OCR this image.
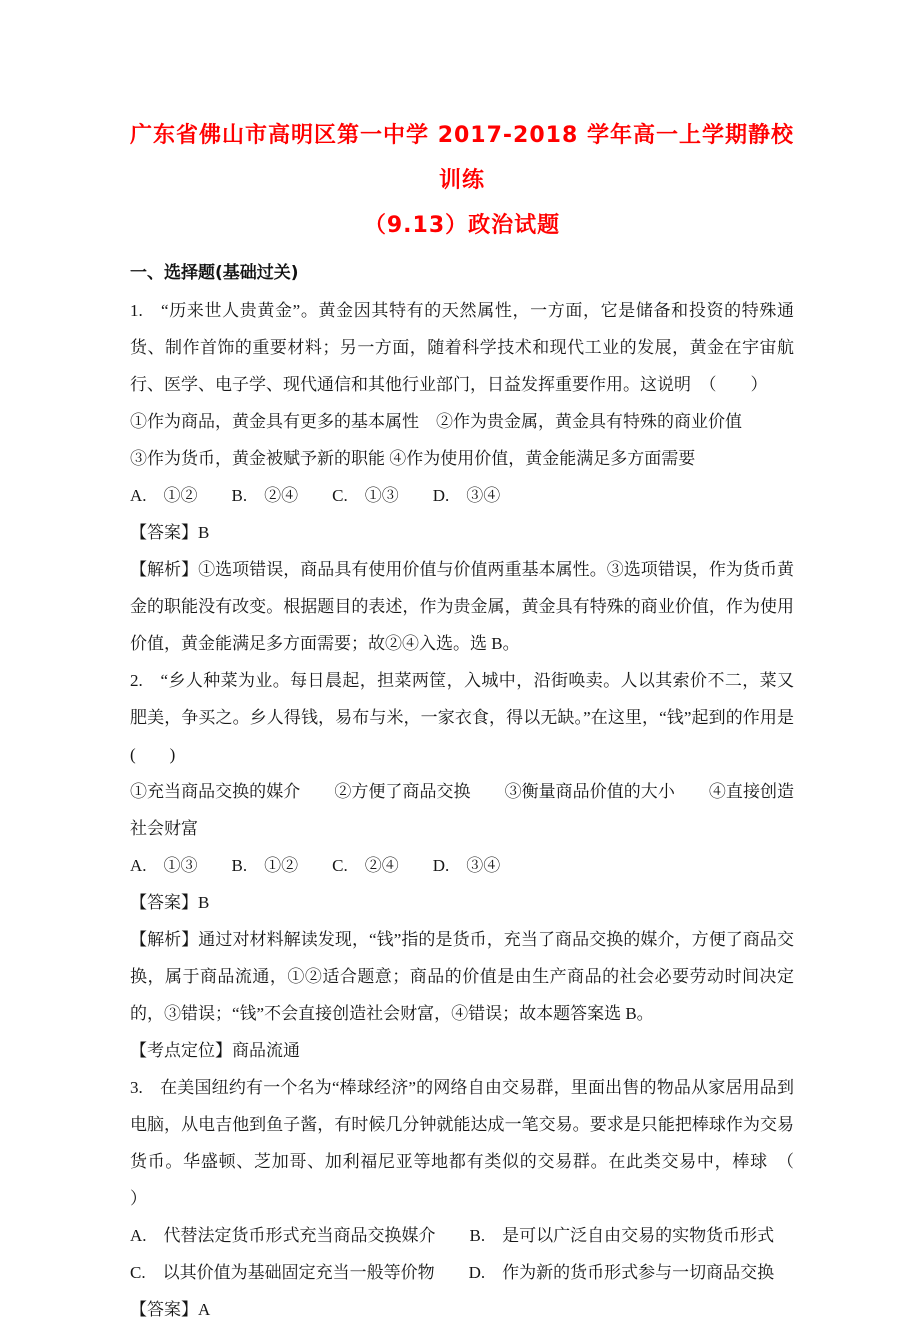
广东省佛山市高明区第一中学 2017-2018 学年高一上学期静校训练
（9.13）政治试题
一、选择题(基础过关)

1.　“历来世人贵黄金”。黄金因其特有的天然属性，一方面，它是储备和投资的特殊通货、制作首饰的重要材料；另一方面，随着科学技术和现代工业的发展，黄金在宇宙航行、医学、电子学、现代通信和其他行业部门，日益发挥重要作用。这说明　（　　）

①作为商品，黄金具有更多的基本属性　②作为贵金属，黄金具有特殊的商业价值

③作为货币，黄金被赋予新的职能 ④作为使用价值，黄金能满足多方面需要

A.　①②　　B.　②④　　C.　①③　　D.　③④

【答案】B

【解析】①选项错误，商品具有使用价值与价值两重基本属性。③选项错误，作为货币黄金的职能没有改变。根据题目的表述，作为贵金属，黄金具有特殊的商业价值，作为使用价值，黄金能满足多方面需要；故②④入选。选 B。

2.　“乡人种菜为业。每日晨起，担菜两筐，入城中，沿街唤卖。人以其索价不二，菜又肥美，争买之。乡人得钱，易布与米，一家衣食，得以无缺。”在这里，“钱”起到的作用是(　　)

①充当商品交换的媒介　　②方便了商品交换　　③衡量商品价值的大小　　④直接创造社会财富

A.　①③　　B.　①②　　C.　②④　　D.　③④

【答案】B

【解析】通过对材料解读发现，“钱”指的是货币，充当了商品交换的媒介，方便了商品交换，属于商品流通，①②适合题意；商品的价值是由生产商品的社会必要劳动时间决定的，③错误；“钱”不会直接创造社会财富，④错误；故本题答案选 B。

【考点定位】商品流通

3.　在美国纽约有一个名为“棒球经济”的网络自由交易群，里面出售的物品从家居用品到电脑，从电吉他到鱼子酱，有时候几分钟就能达成一笔交易。要求是只能把棒球作为交易货币。华盛顿、芝加哥、加利福尼亚等地都有类似的交易群。在此类交易中，棒球　（　　）

A.　代替法定货币形式充当商品交换媒介　　B.　是可以广泛自由交易的实物货币形式

C.　以其价值为基础固定充当一般等价物　　D.　作为新的货币形式参与一切商品交换

【答案】A
